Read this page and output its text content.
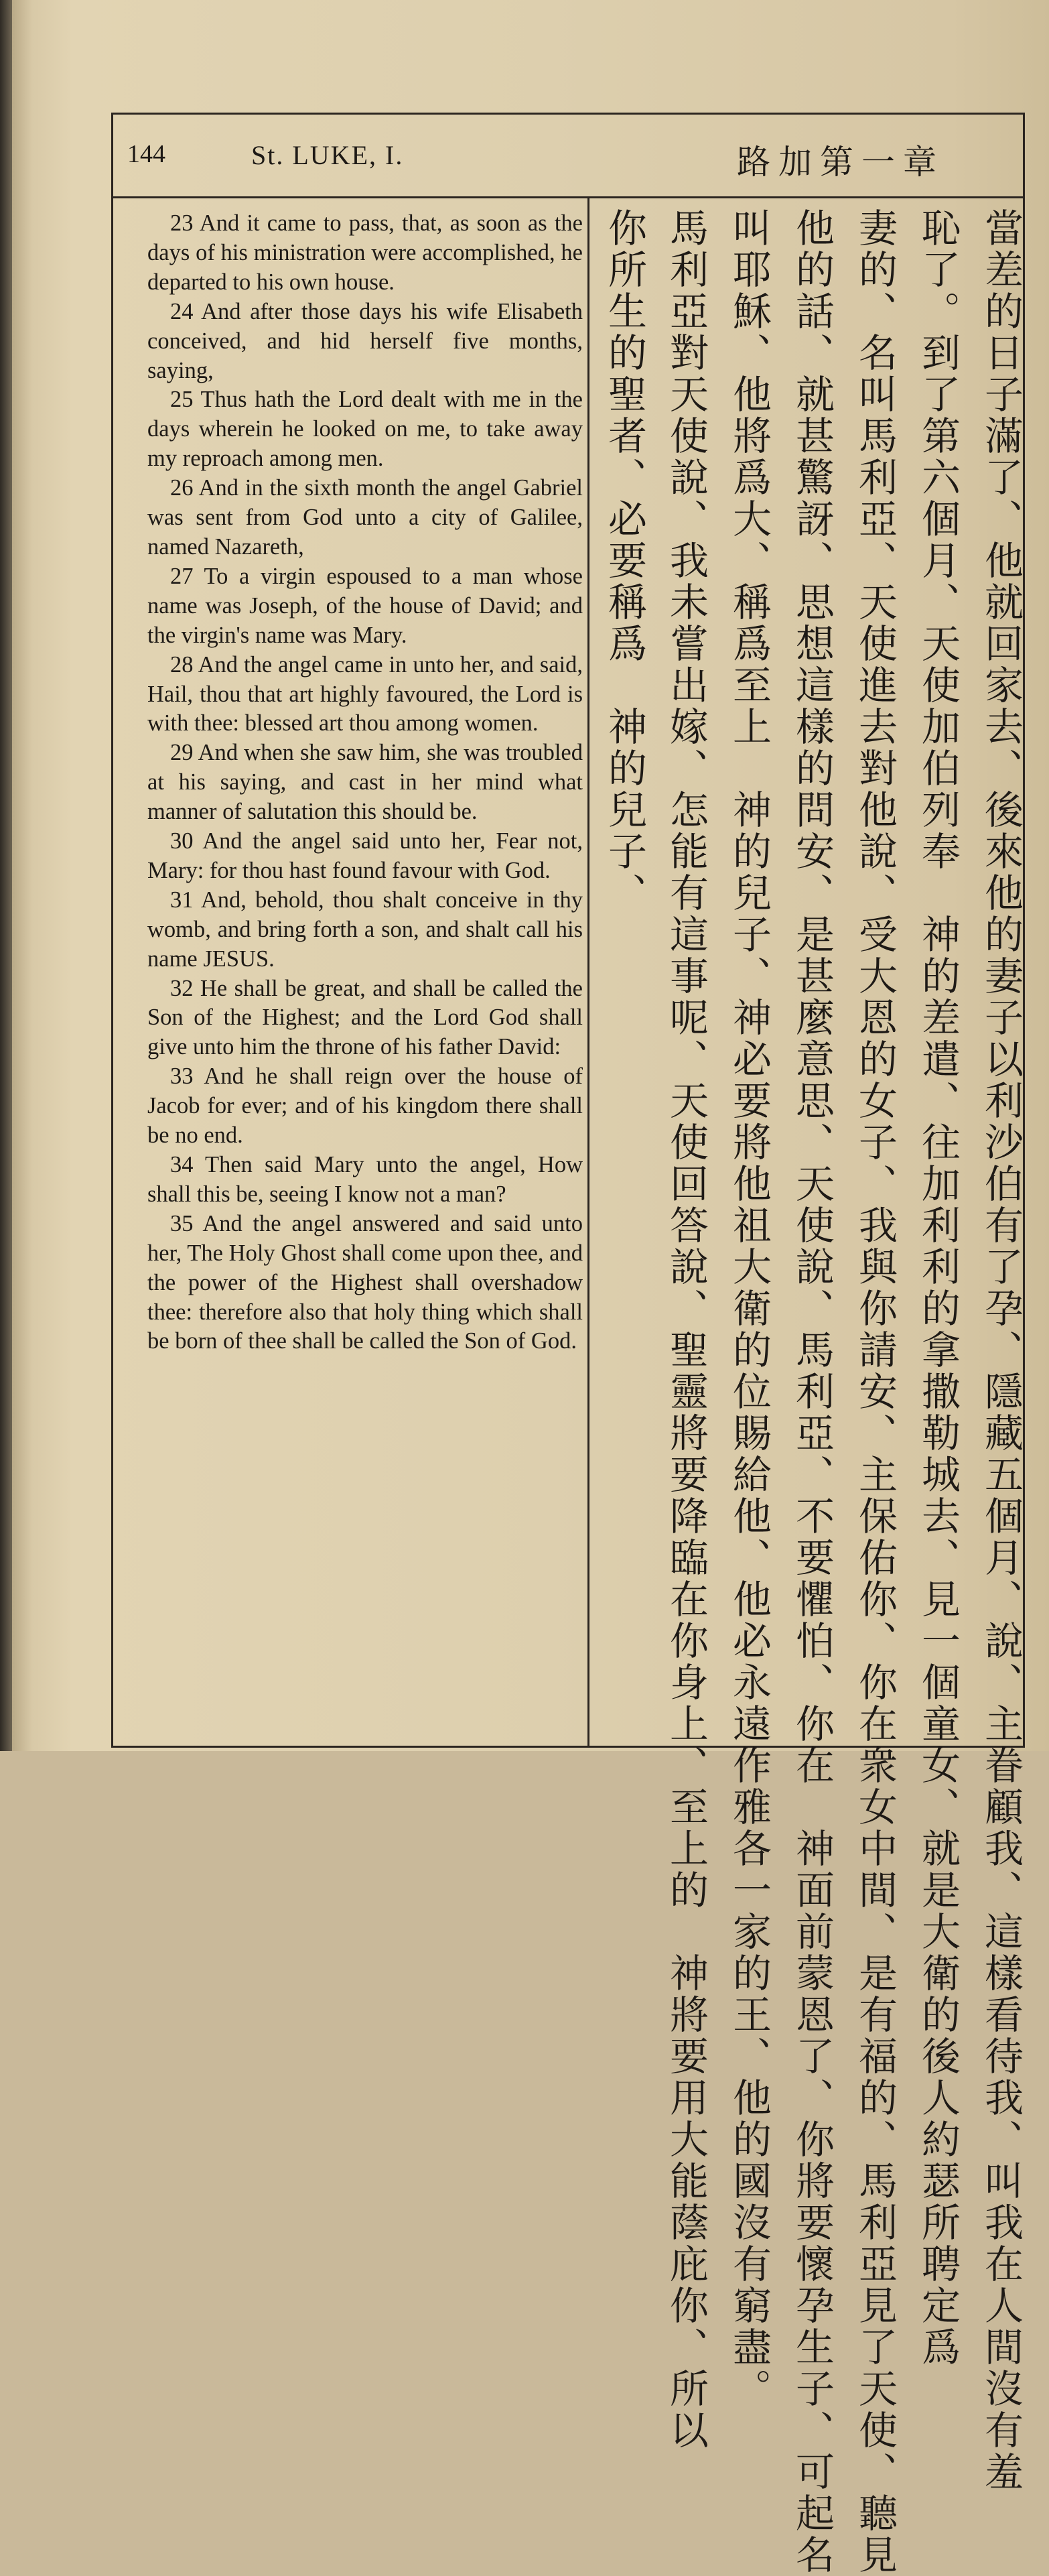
144	St. LUKE, I.	路加第一章

23 And it came to pass, that, as soon as the days of his ministration were accomplished, he departed to his own house.

24 And after those days his wife Elisabeth conceived, and hid herself five months, saying,

25 Thus hath the Lord dealt with me in the days wherein he looked on me, to take away my reproach among men.

26 And in the sixth month the angel Gabriel was sent from God unto a city of Galilee, named Nazareth,

27 To a virgin espoused to a man whose name was Joseph, of the house of David; and the virgin's name was Mary.

28 And the angel came in unto her, and said, Hail, thou that art highly favoured, the Lord is with thee: blessed art thou among women.

29 And when she saw him, she was troubled at his saying, and cast in her mind what manner of salutation this should be.

30 And the angel said unto her, Fear not, Mary: for thou hast found favour with God.

31 And, behold, thou shalt conceive in thy womb, and bring forth a son, and shalt call his name JESUS.

32 He shall be great, and shall be called the Son of the Highest; and the Lord God shall give unto him the throne of his father David:

33 And he shall reign over the house of Jacob for ever; and of his kingdom there shall be no end.

34 Then said Mary unto the angel, How shall this be, seeing I know not a man?

35 And the angel answered and said unto her, The Holy Ghost shall come upon thee, and the power of the Highest shall overshadow thee: therefore also that holy thing which shall be born of thee shall be called the Son of God.	當差的日子滿了、他就回家去、後來他的妻子以利沙伯有了孕、隱藏五個月、說、主眷顧我、這樣看待我、叫我在人間沒有羞
恥了。到了第六個月、天使加伯列奉　神的差遣、往加利利的拿撒勒城去、見一個童女、就是大衛的後人約瑟所聘定爲
妻的、名叫馬利亞、天使進去對他說、受大恩的女子、我與你請安、主保佑你、你在衆女中間、是有福的、馬利亞見了天使、聽見
他的話、就甚驚訝、思想這樣的問安、是甚麼意思、天使說、馬利亞、不要懼怕、你在　神面前蒙恩了、你將要懷孕生子、可起名
叫耶穌、他將爲大、稱爲至上　神的兒子、神必要將他祖大衛的位賜給他、他必永遠作雅各一家的王、他的國沒有窮盡。
馬利亞對天使說、我未嘗出嫁、怎能有這事呢、天使回答說、聖靈將要降臨在你身上、至上的　神將要用大能蔭庇你、所以
你所生的聖者、必要稱爲　神的兒子、
